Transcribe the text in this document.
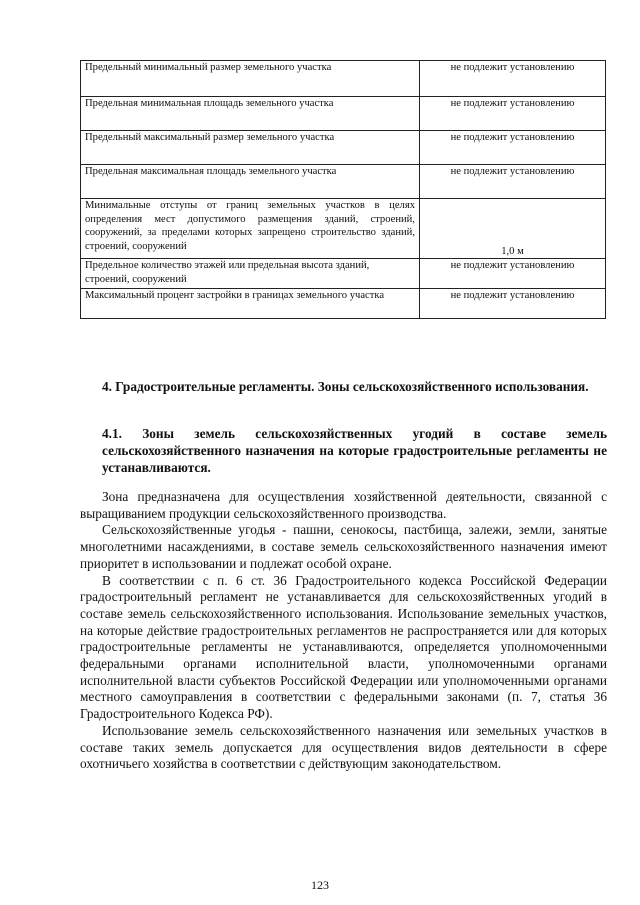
Предельный минимальный размер земельного участка	не подлежит установлению
Предельная минимальная площадь земельного участка	не подлежит установлению
Предельный максимальный размер земельного участка	не подлежит установлению
Предельная максимальная площадь земельного участка	не подлежит установлению
Минимальные отступы от границ земельных участков в целях определения мест допустимого размещения зданий, строений, сооружений, за пределами которых запрещено строительство зданий, строений, сооружений	1,0 м
Предельное количество этажей или предельная высота зданий, строений, сооружений	не подлежит установлению
Максимальный процент застройки в границах земельного участка	не подлежит установлению
4. Градостроительные регламенты. Зоны сельскохозяйственного использования.
4.1. Зоны земель сельскохозяйственных угодий в составе земель сельскохозяйственного назначения на которые градостроительные регламенты не устанавливаются.

Зона предназначена для осуществления хозяйственной деятельности, связанной с выращиванием продукции сельскохозяйственного производства.

Сельскохозяйственные угодья - пашни, сенокосы, пастбища, залежи, земли, занятые многолетними насаждениями, в составе земель сельскохозяйственного назначения имеют приоритет в использовании и подлежат особой охране.

В соответствии с п. 6 ст. 36 Градостроительного кодекса Российской Федерации градостроительный регламент не устанавливается для сельскохозяйственных угодий в составе земель сельскохозяйственного использования. Использование земельных участков, на которые действие градостроительных регламентов не распространяется или для которых градостроительные регламенты не устанавливаются, определяется уполномоченными федеральными органами исполнительной власти, уполномоченными органами исполнительной власти субъектов Российской Федерации или уполномоченными органами местного самоуправления в соответствии с федеральными законами (п. 7, статья 36 Градостроительного Кодекса РФ).

Использование земель сельскохозяйственного назначения или земельных участков в составе таких земель допускается для осуществления видов деятельности в сфере охотничьего хозяйства в соответствии с действующим законодательством.

123
